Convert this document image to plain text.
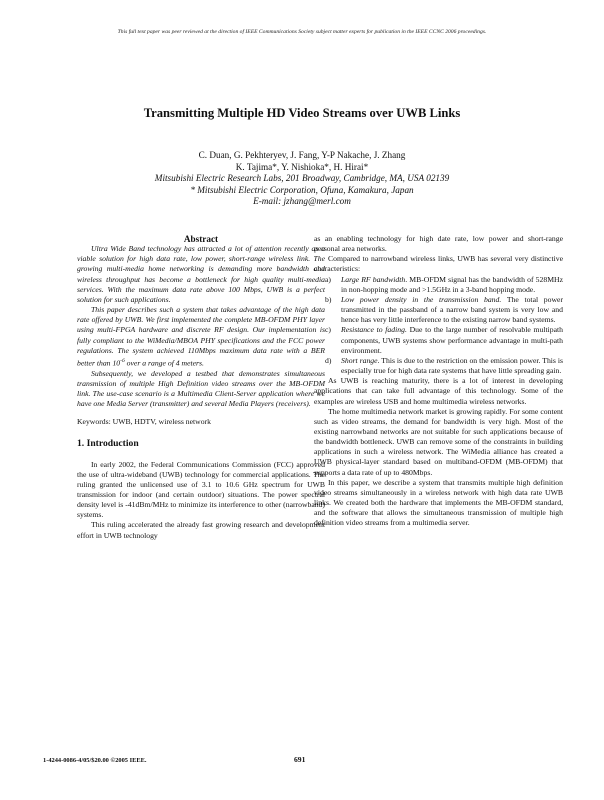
This full text paper was peer reviewed at the direction of IEEE Communications Society subject matter experts for publication in the IEEE CCNC 2006 proceedings.
Transmitting Multiple HD Video Streams over UWB Links
C. Duan, G. Pekhteryev, J. Fang, Y-P Nakache, J. Zhang
K. Tajima*, Y. Nishioka*, H. Hirai*
Mitsubishi Electric Research Labs, 201 Broadway, Cambridge, MA, USA 02139
* Mitsubishi Electric Corporation, Ofuna, Kamakura, Japan
E-mail: jzhang@merl.com

Abstract

Ultra Wide Band technology has attracted a lot of attention recently as a viable solution for high data rate, low power, short-range wireless link. The growing multi-media home networking is demanding more bandwidth and wireless throughput has become a bottleneck for high quality multi-media services. With the maximum data rate above 100 Mbps, UWB is a perfect solution for such applications.

This paper describes such a system that takes advantage of the high data rate offered by UWB. We first implemented the complete MB-OFDM PHY layer using multi-FPGA hardware and discrete RF design. Our implementation is fully compliant to the WiMedia/MBOA PHY specifications and the FCC power regulations. The system achieved 110Mbps maximum data rate with a BER better than $10^{-6}$ over a range of 4 meters.

Subsequently, we developed a testbed that demonstrates simultaneous transmission of multiple High Definition video streams over the MB-OFDM link. The use-case scenario is a Multimedia Client-Server application where we have one Media Server (transmitter) and several Media Players (receivers).

Keywords: UWB, HDTV, wireless network

1. Introduction

In early 2002, the Federal Communications Commission (FCC) approved the use of ultra-wideband (UWB) technology for commercial applications. The ruling granted the unlicensed use of 3.1 to 10.6 GHz spectrum for UWB transmission for indoor (and certain outdoor) situations. The power spectral density level is -41dBm/MHz to minimize its interference to other (narrowband) systems.

This ruling accelerated the already fast growing research and development effort in UWB technology

as an enabling technology for high date rate, low power and short-range personal area networks.

Compared to narrowband wireless links, UWB has several very distinctive characteristics:

a) Large RF bandwidth. MB-OFDM signal has the bandwidth of 528MHz in non-hopping mode and >1.5GHz in a 3-band hopping mode.
b) Low power density in the transmission band. The total power transmitted in the passband of a narrow band system is very low and hence has very little interference to the existing narrow band systems.
c) Resistance to fading. Due to the large number of resolvable multipath components, UWB systems show performance advantage in multi-path environment.
d) Short range. This is due to the restriction on the emission power. This is especially true for high data rate systems that have little spreading gain.

As UWB is reaching maturity, there is a lot of interest in developing applications that can take full advantage of this technology. Some of the examples are wireless USB and home multimedia wireless networks.

The home multimedia network market is growing rapidly. For some content such as video streams, the demand for bandwidth is very high. Most of the existing narrowband networks are not suitable for such applications because of the bandwidth bottleneck. UWB can remove some of the constraints in building applications in such a wireless network. The WiMedia alliance has created a UWB physical-layer standard based on multiband-OFDM (MB-OFDM) that supports a data rate of up to 480Mbps.

In this paper, we describe a system that transmits multiple high definition video streams simultaneously in a wireless network with high data rate UWB links. We created both the hardware that implements the MB-OFDM standard, and the software that allows the simultaneous transmission of multiple high definition video streams from a multimedia server.

1-4244-0086-4/05/$20.00 ©2005 IEEE.	691
